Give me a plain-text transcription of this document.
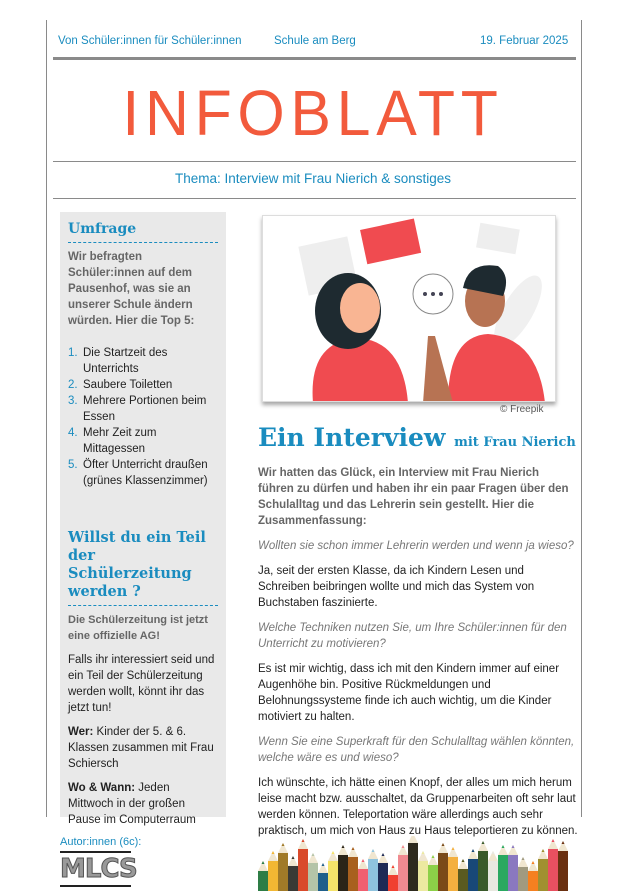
Von Schüler:innen für Schüler:innen	Schule am Berg	19. Februar 2025
INFOBLATT
Thema: Interview mit Frau Nierich & sonstiges
Umfrage
Wir befragten Schüler:innen auf dem Pausenhof, was sie an unserer Schule ändern würden. Hier die Top 5:
1. Die Startzeit des Unterrichts
2. Saubere Toiletten
3. Mehrere Portionen beim Essen
4. Mehr Zeit zum Mittagessen
5. Öfter Unterricht draußen (grünes Klassenzimmer)
Willst du ein Teil der Schülerzeitung werden ?
Die Schülerzeitung ist jetzt eine offizielle AG!

Falls ihr interessiert seid und ein Teil der Schülerzeitung werden wollt, könnt ihr das jetzt tun!

Wer: Kinder der 5. & 6. Klassen zusammen mit Frau Schiersch

Wo & Wann: Jeden Mittwoch in der großen Pause im Computerraum

© Freepik
Ein Interview mit Frau Nierich

Wir hatten das Glück, ein Interview mit Frau Nierich führen zu dürfen und haben ihr ein paar Fragen über den Schulalltag und das Lehrerin sein gestellt. Hier die Zusammenfassung:

Wollten sie schon immer Lehrerin werden und wenn ja wieso?

Ja, seit der ersten Klasse, da ich Kindern Lesen und Schreiben beibringen wollte und mich das System von Buchstaben faszinierte.

Welche Techniken nutzen Sie, um Ihre Schüler:innen für den Unterricht zu motivieren?

Es ist mir wichtig, dass ich mit den Kindern immer auf einer Augenhöhe bin. Positive Rückmeldungen und Belohnungssysteme finde ich auch wichtig, um die Kinder motiviert zu halten.

Wenn Sie eine Superkraft für den Schulalltag wählen könnten, welche wäre es und wieso?

Ich wünschte, ich hätte einen Knopf, der alles um mich herum leise macht bzw. ausschaltet, da Gruppenarbeiten oft sehr laut werden können. Teleportation wäre allerdings auch sehr praktisch, um mich von Haus zu Haus teleportieren zu können.

Autor:innen (6c):
MLCS
